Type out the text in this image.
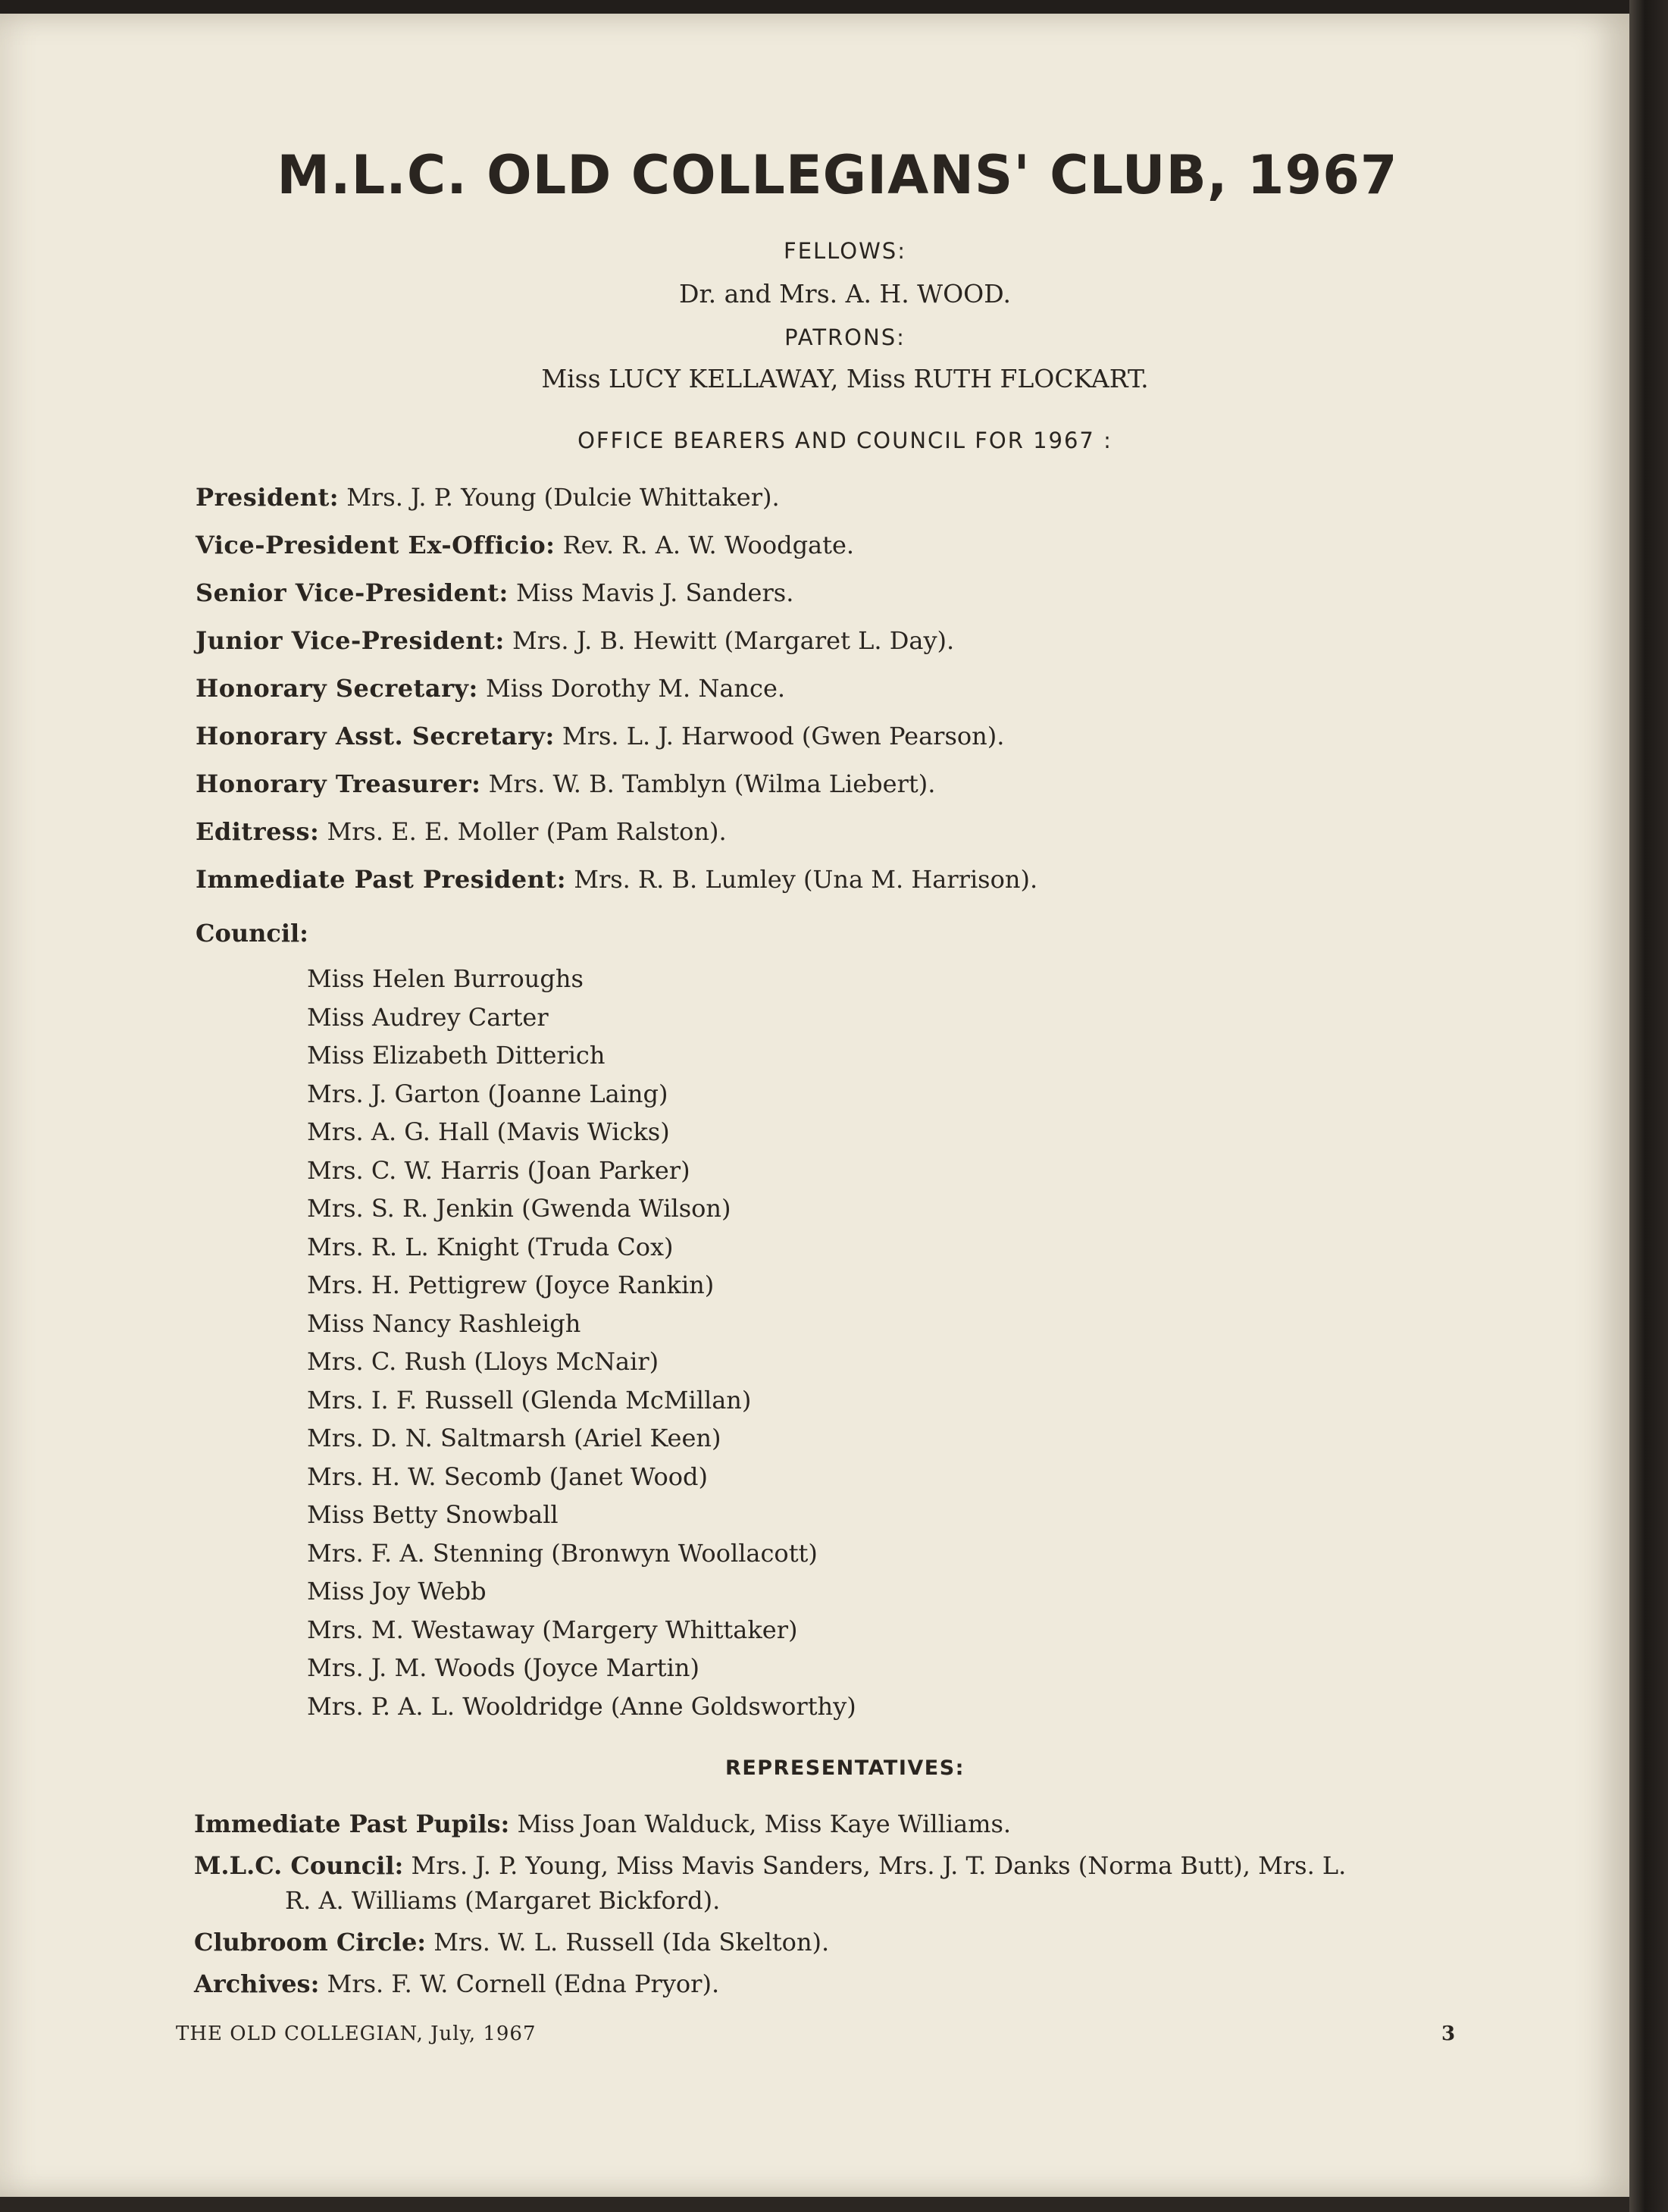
M.L.C. OLD COLLEGIANS' CLUB, 1967
FELLOWS:
Dr. and Mrs. A. H. WOOD.
PATRONS:
Miss LUCY KELLAWAY, Miss RUTH FLOCKART.
OFFICE BEARERS AND COUNCIL FOR 1967 :
President: Mrs. J. P. Young (Dulcie Whittaker).
Vice-President Ex-Officio: Rev. R. A. W. Woodgate.
Senior Vice-President: Miss Mavis J. Sanders.
Junior Vice-President: Mrs. J. B. Hewitt (Margaret L. Day).
Honorary Secretary: Miss Dorothy M. Nance.
Honorary Asst. Secretary: Mrs. L. J. Harwood (Gwen Pearson).
Honorary Treasurer: Mrs. W. B. Tamblyn (Wilma Liebert).
Editress: Mrs. E. E. Moller (Pam Ralston).
Immediate Past President: Mrs. R. B. Lumley (Una M. Harrison).
Council:
Miss Helen Burroughs
Miss Audrey Carter
Miss Elizabeth Ditterich
Mrs. J. Garton (Joanne Laing)
Mrs. A. G. Hall (Mavis Wicks)
Mrs. C. W. Harris (Joan Parker)
Mrs. S. R. Jenkin (Gwenda Wilson)
Mrs. R. L. Knight (Truda Cox)
Mrs. H. Pettigrew (Joyce Rankin)
Miss Nancy Rashleigh
Mrs. C. Rush (Lloys McNair)
Mrs. I. F. Russell (Glenda McMillan)
Mrs. D. N. Saltmarsh (Ariel Keen)
Mrs. H. W. Secomb (Janet Wood)
Miss Betty Snowball
Mrs. F. A. Stenning (Bronwyn Woollacott)
Miss Joy Webb
Mrs. M. Westaway (Margery Whittaker)
Mrs. J. M. Woods (Joyce Martin)
Mrs. P. A. L. Wooldridge (Anne Goldsworthy)
REPRESENTATIVES:
Immediate Past Pupils: Miss Joan Walduck, Miss Kaye Williams.
M.L.C. Council: Mrs. J. P. Young, Miss Mavis Sanders, Mrs. J. T. Danks (Norma Butt), Mrs. L.
R. A. Williams (Margaret Bickford).
Clubroom Circle: Mrs. W. L. Russell (Ida Skelton).
Archives: Mrs. F. W. Cornell (Edna Pryor).
THE OLD COLLEGIAN, July, 1967	3
